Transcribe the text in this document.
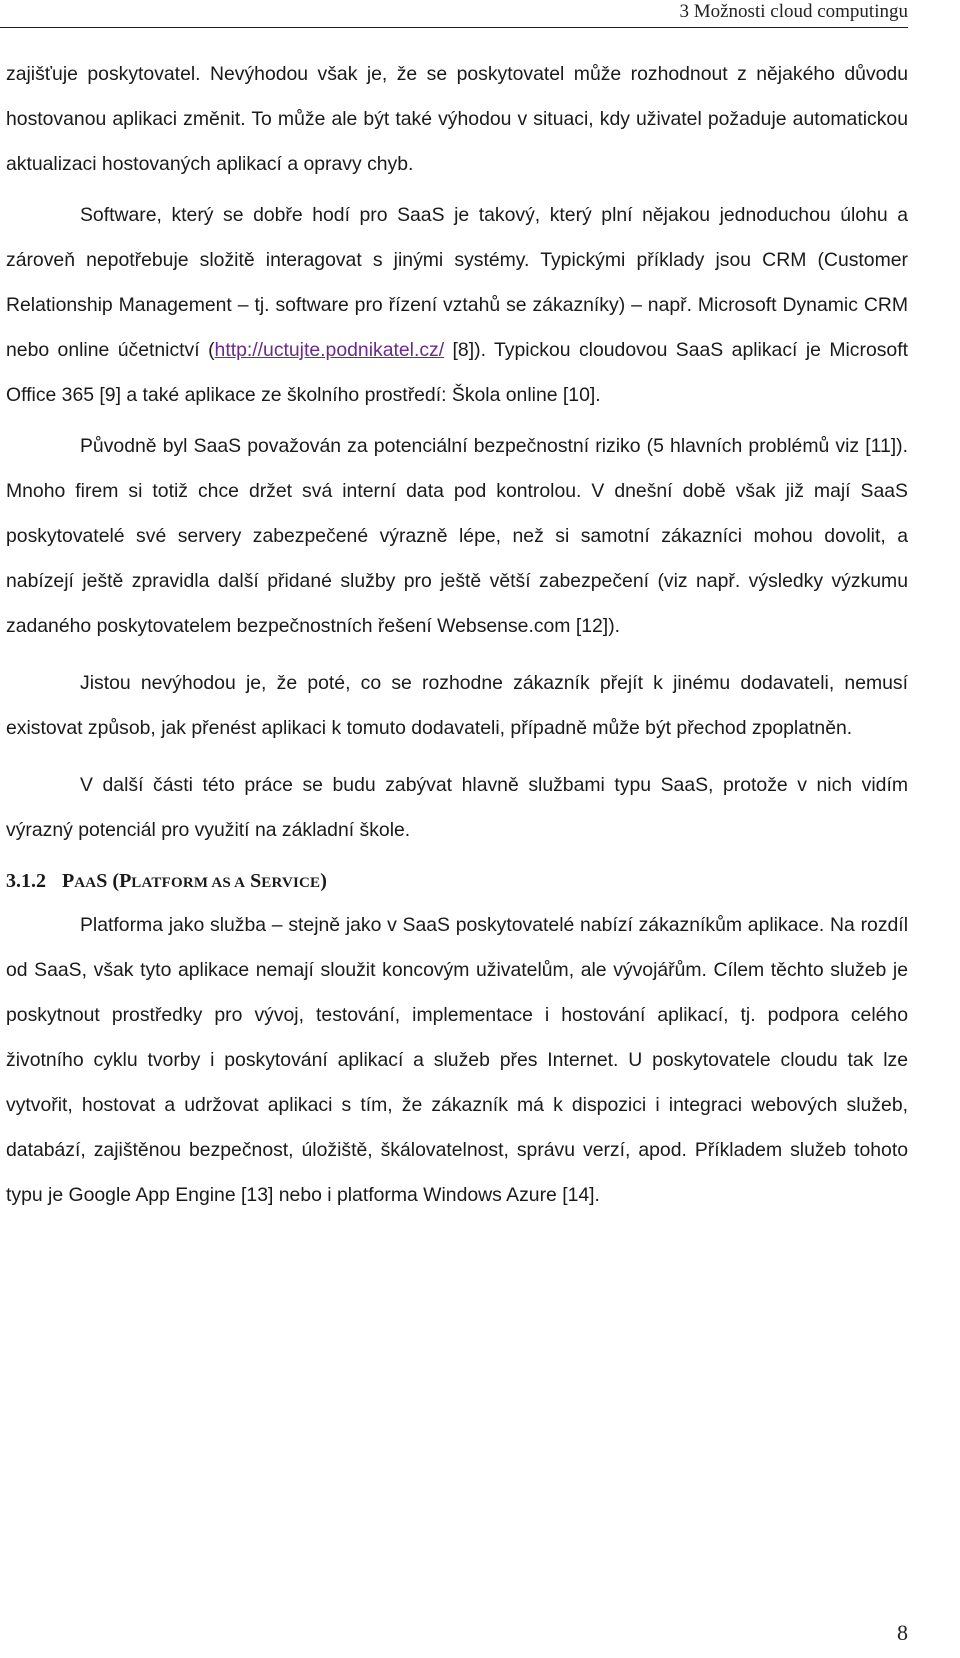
3 Možnosti cloud computingu

zajišťuje poskytovatel. Nevýhodou však je, že se poskytovatel může rozhodnout z nějakého důvodu hostovanou aplikaci změnit. To může ale být také výhodou v situaci, kdy uživatel požaduje automatickou aktualizaci hostovaných aplikací a opravy chyb.

Software, který se dobře hodí pro SaaS je takový, který plní nějakou jednoduchou úlohu a zároveň nepotřebuje složitě interagovat s jinými systémy. Typickými příklady jsou CRM (Customer Relationship Management – tj. software pro řízení vztahů se zákazníky) – např. Microsoft Dynamic CRM nebo online účetnictví (http://uctujte.podnikatel.cz/ [8]). Typickou cloudovou SaaS aplikací je Microsoft Office 365 [9] a také aplikace ze školního prostředí: Škola online [10].

Původně byl SaaS považován za potenciální bezpečnostní riziko (5 hlavních problémů viz [11]). Mnoho firem si totiž chce držet svá interní data pod kontrolou. V dnešní době však již mají SaaS poskytovatelé své servery zabezpečené výrazně lépe, než si samotní zákazníci mohou dovolit, a nabízejí ještě zpravidla další přidané služby pro ještě větší zabezpečení (viz např. výsledky výzkumu zadaného poskytovatelem bezpečnostních řešení Websense.com [12]).

Jistou nevýhodou je, že poté, co se rozhodne zákazník přejít k jinému dodavateli, nemusí existovat způsob, jak přenést aplikaci k tomuto dodavateli, případně může být přechod zpoplatněn.

V další části této práce se budu zabývat hlavně službami typu SaaS, protože v nich vidím výrazný potenciál pro využití na základní škole.

3.1.2 PAAS (PLATFORM AS A SERVICE)

Platforma jako služba – stejně jako v SaaS poskytovatelé nabízí zákazníkům aplikace. Na rozdíl od SaaS, však tyto aplikace nemají sloužit koncovým uživatelům, ale vývojářům. Cílem těchto služeb je poskytnout prostředky pro vývoj, testování, implementace i hostování aplikací, tj. podpora celého životního cyklu tvorby i poskytování aplikací a služeb přes Internet. U poskytovatele cloudu tak lze vytvořit, hostovat a udržovat aplikaci s tím, že zákazník má k dispozici i integraci webových služeb, databází, zajištěnou bezpečnost, úložiště, škálovatelnost, správu verzí, apod. Příkladem služeb tohoto typu je Google App Engine [13] nebo i platforma Windows Azure [14].

8
